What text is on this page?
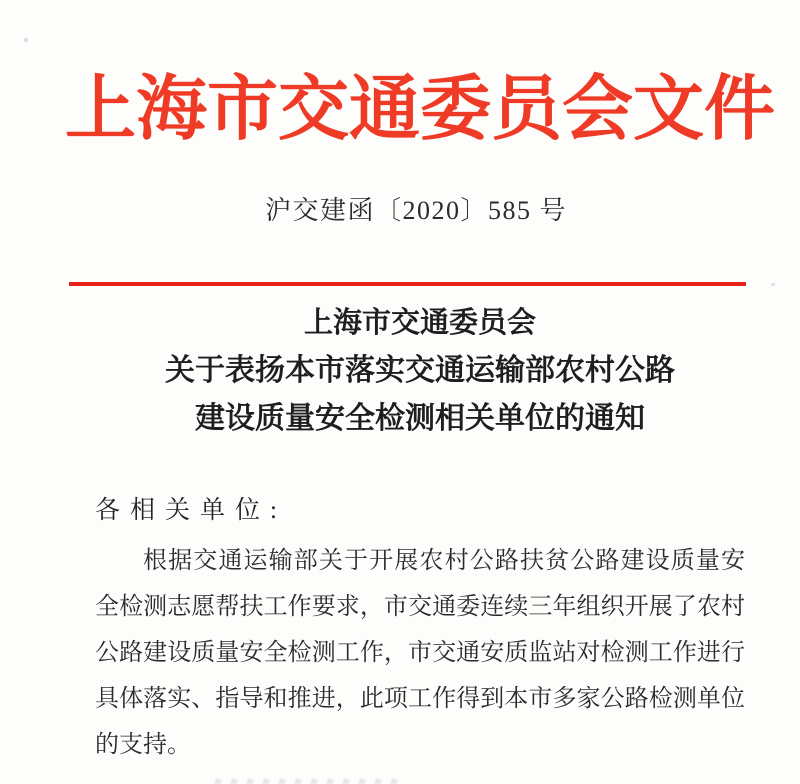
上海市交通委员会文件
沪交建函〔2020〕585 号
上海市交通委员会
关于表扬本市落实交通运输部农村公路
建设质量安全检测相关单位的通知
各相关单位:
根据交通运输部关于开展农村公路扶贫公路建设质量安
全检测志愿帮扶工作要求，市交通委连续三年组织开展了农村
公路建设质量安全检测工作，市交通安质监站对检测工作进行
具体落实、指导和推进，此项工作得到本市多家公路检测单位
的支持。
